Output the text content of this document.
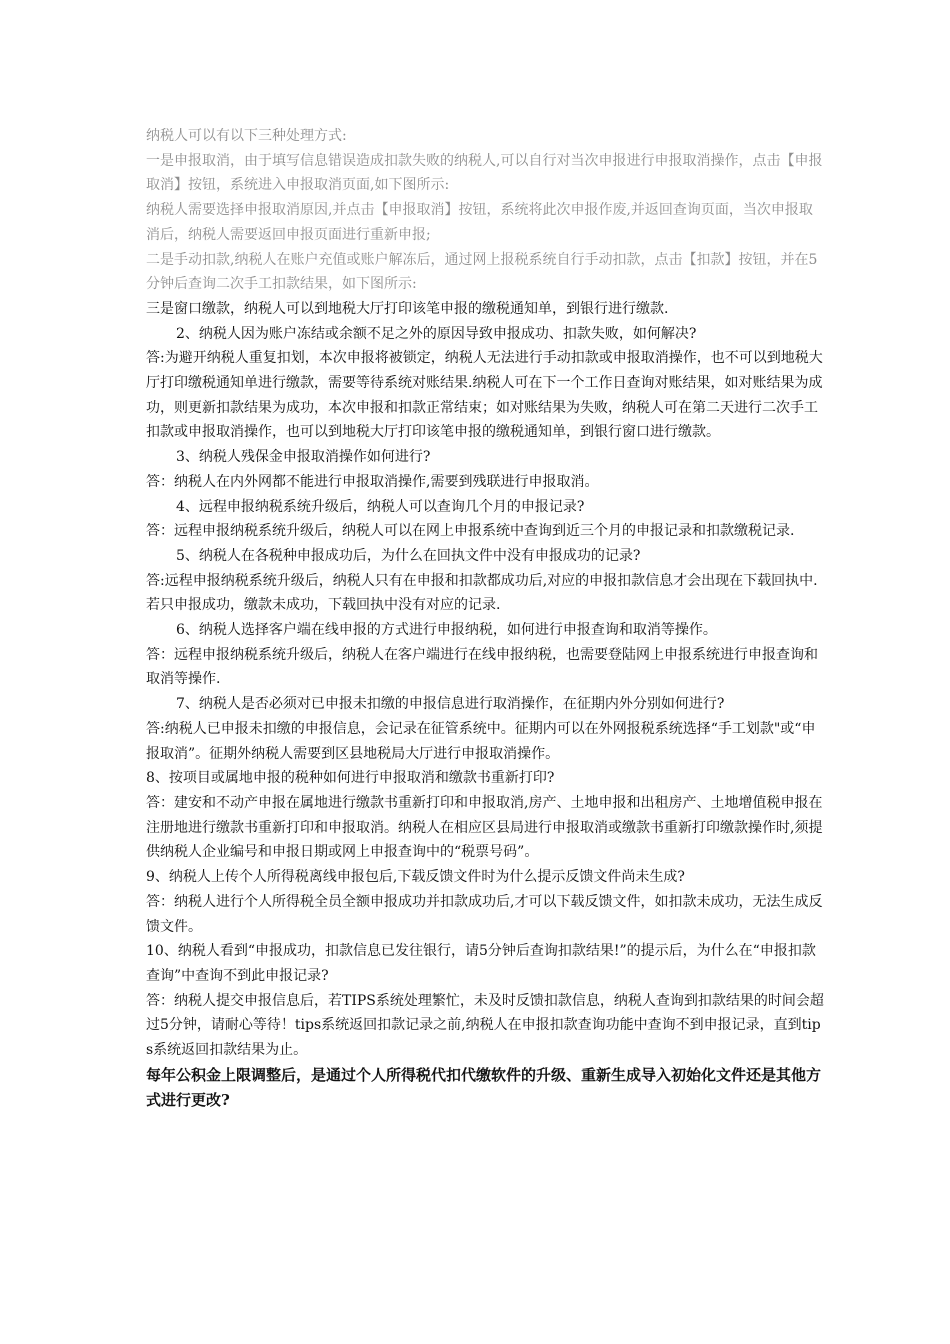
纳税人可以有以下三种处理方式:

一是申报取消，由于填写信息错误造成扣款失败的纳税人,可以自行对当次申报进行申报取消操作，点击【申报取消】按钮，系统进入申报取消页面,如下图所示:

纳税人需要选择申报取消原因,并点击【申报取消】按钮，系统将此次申报作废,并返回查询页面，当次申报取消后，纳税人需要返回申报页面进行重新申报;

二是手动扣款,纳税人在账户充值或账户解冻后，通过网上报税系统自行手动扣款，点击【扣款】按钮，并在5分钟后查询二次手工扣款结果，如下图所示:

三是窗口缴款，纳税人可以到地税大厅打印该笔申报的缴税通知单，到银行进行缴款.

2、纳税人因为账户冻结或余额不足之外的原因导致申报成功、扣款失败，如何解决?

答:为避开纳税人重复扣划，本次申报将被锁定，纳税人无法进行手动扣款或申报取消操作，也不可以到地税大厅打印缴税通知单进行缴款，需要等待系统对账结果.纳税人可在下一个工作日查询对账结果，如对账结果为成功，则更新扣款结果为成功，本次申报和扣款正常结束；如对账结果为失败，纳税人可在第二天进行二次手工扣款或申报取消操作，也可以到地税大厅打印该笔申报的缴税通知单，到银行窗口进行缴款。

3、纳税人残保金申报取消操作如何进行?

答：纳税人在内外网都不能进行申报取消操作,需要到残联进行申报取消。

4、远程申报纳税系统升级后，纳税人可以查询几个月的申报记录?

答：远程申报纳税系统升级后，纳税人可以在网上申报系统中查询到近三个月的申报记录和扣款缴税记录.

5、纳税人在各税种申报成功后，为什么在回执文件中没有申报成功的记录?

答:远程申报纳税系统升级后，纳税人只有在申报和扣款都成功后,对应的申报扣款信息才会出现在下载回执中.若只申报成功，缴款未成功，下载回执中没有对应的记录.

6、纳税人选择客户端在线申报的方式进行申报纳税，如何进行申报查询和取消等操作。

答：远程申报纳税系统升级后，纳税人在客户端进行在线申报纳税，也需要登陆网上申报系统进行申报查询和取消等操作.

7、纳税人是否必须对已申报未扣缴的申报信息进行取消操作，在征期内外分别如何进行?

答:纳税人已申报未扣缴的申报信息，会记录在征管系统中。征期内可以在外网报税系统选择“手工划款"或“申报取消”。征期外纳税人需要到区县地税局大厅进行申报取消操作。

8、按项目或属地申报的税种如何进行申报取消和缴款书重新打印?

答：建安和不动产申报在属地进行缴款书重新打印和申报取消,房产、土地申报和出租房产、土地增值税申报在注册地进行缴款书重新打印和申报取消。纳税人在相应区县局进行申报取消或缴款书重新打印缴款操作时,须提供纳税人企业编号和申报日期或网上申报查询中的“税票号码”。

9、纳税人上传个人所得税离线申报包后,下载反馈文件时为什么提示反馈文件尚未生成?

答：纳税人进行个人所得税全员全额申报成功并扣款成功后,才可以下载反馈文件，如扣款未成功，无法生成反馈文件。

10、纳税人看到“申报成功，扣款信息已发往银行，请5分钟后查询扣款结果!”的提示后，为什么在“申报扣款查询”中查询不到此申报记录?

答：纳税人提交申报信息后，若TIPS系统处理繁忙，未及时反馈扣款信息，纳税人查询到扣款结果的时间会超过5分钟，请耐心等待！tips系统返回扣款记录之前,纳税人在申报扣款查询功能中查询不到申报记录，直到tips系统返回扣款结果为止。

每年公积金上限调整后，是通过个人所得税代扣代缴软件的升级、重新生成导入初始化文件还是其他方式进行更改?
